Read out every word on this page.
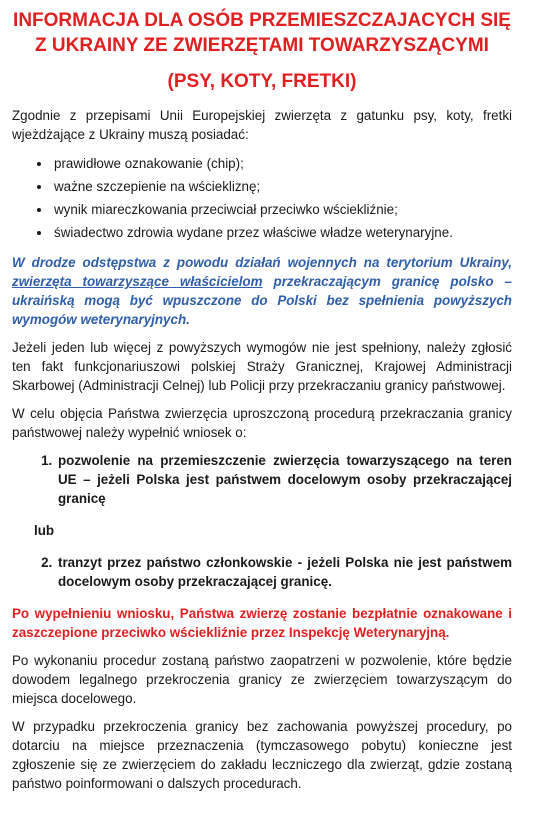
INFORMACJA DLA OSÓB PRZEMIESZCZAJACYCH SIĘ Z UKRAINY ZE ZWIERZĘTAMI TOWARZYSZĄCYMI
(PSY, KOTY, FRETKI)

Zgodnie z przepisami Unii Europejskiej zwierzęta z gatunku psy, koty, fretki wjeżdżające z Ukrainy muszą posiadać:

• prawidłowe oznakowanie (chip);
• ważne szczepienie na wściekliznę;
• wynik miareczkowania przeciwciał przeciwko wściekliźnie;
• świadectwo zdrowia wydane przez właściwe władze weterynaryjne.

W drodze odstępstwa z powodu działań wojennych na terytorium Ukrainy, zwierzęta towarzyszące właścicielom przekraczającym granicę polsko – ukraińską mogą być wpuszczone do Polski bez spełnienia powyższych wymogów weterynaryjnych.

Jeżeli jeden lub więcej z powyższych wymogów nie jest spełniony, należy zgłosić ten fakt funkcjonariuszowi polskiej Straży Granicznej, Krajowej Administracji Skarbowej (Administracji Celnej) lub Policji przy przekraczaniu granicy państwowej.

W celu objęcia Państwa zwierzęcia uproszczoną procedurą przekraczania granicy państwowej należy wypełnić wniosek o:

1. pozwolenie na przemieszczenie zwierzęcia towarzyszącego na teren UE – jeżeli Polska jest państwem docelowym osoby przekraczającej granicę
lub
2. tranzyt przez państwo członkowskie - jeżeli Polska nie jest państwem docelowym osoby przekraczającej granicę.

Po wypełnieniu wniosku, Państwa zwierzę zostanie bezpłatnie oznakowane i zaszczepione przeciwko wściekliźnie przez Inspekcję Weterynaryjną.

Po wykonaniu procedur zostaną państwo zaopatrzeni w pozwolenie, które będzie dowodem legalnego przekroczenia granicy ze zwierzęciem towarzyszącym do miejsca docelowego.

W przypadku przekroczenia granicy bez zachowania powyższej procedury, po dotarciu na miejsce przeznaczenia (tymczasowego pobytu) konieczne jest zgłoszenie się ze zwierzęciem do zakładu leczniczego dla zwierząt, gdzie zostaną państwo poinformowani o dalszych procedurach.
